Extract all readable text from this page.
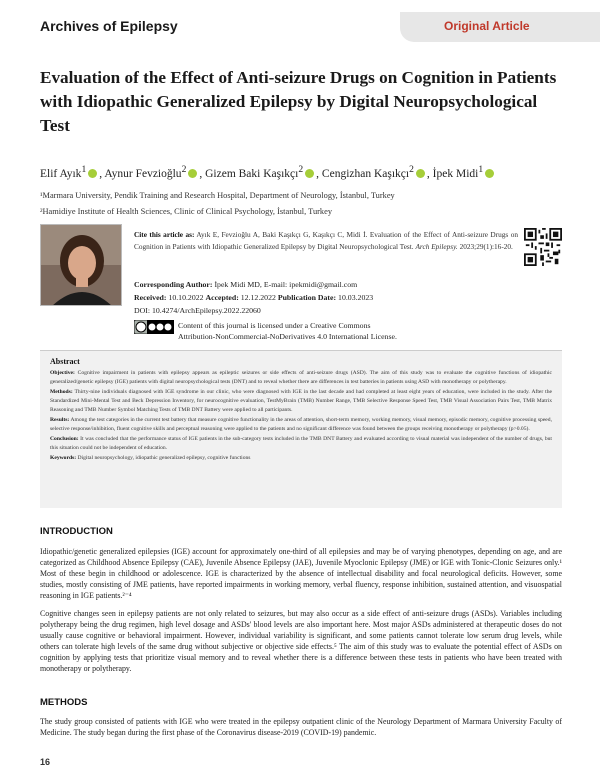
Archives of Epilepsy	Original Article
Evaluation of the Effect of Anti-seizure Drugs on Cognition in Patients with Idiopathic Generalized Epilepsy by Digital Neuropsychological Test
Elif Ayık$^1$ , Aynur Fevzioğlu$^2$ , Gizem Baki Kaşıkçı$^2$ , Cengizhan Kaşıkçı$^2$ , İpek Midi$^1$
¹Marmara University, Pendik Training and Research Hospital, Department of Neurology, İstanbul, Turkey
²Hamidiye Institute of Health Sciences, Clinic of Clinical Psychology, İstanbul, Turkey
Cite this article as: Ayık E, Fevzioğlu A, Baki Kaşıkçı G, Kaşıkçı C, Midi İ. Evaluation of the Effect of Anti-seizure Drugs on Cognition in Patients with Idiopathic Generalized Epilepsy by Digital Neuropsychological Test. Arch Epilepsy. 2023;29(1):16-20.
Corresponding Author: İpek Midi MD, E-mail: ipekmidi@gmail.com
Received: 10.10.2022 Accepted: 12.12.2022 Publication Date: 10.03.2023
DOI: 10.4274/ArchEpilepsy.2022.22060
Content of this journal is licensed under a Creative Commons
Attribution-NonCommercial-NoDerivatives 4.0 International License.
Abstract

Objective: Cognitive impairment in patients with epilepsy appears as epileptic seizures or side effects of anti-seizure drugs (ASD). The aim of this study was to evaluate the cognitive functions of idiopathic generalized/genetic epilepsy (IGE) patients with digital neuropsychological tests (DNT) and to reveal whether there are differences in test batteries in patients using ASD with monotherapy or polytherapy.

Methods: Thirty-nine individuals diagnosed with IGE syndrome in our clinic, who were diagnosed with IGE in the last decade and had completed at least eight years of education, were included in the study. After the Standardized Mini-Mental Test and Beck Depression Inventory, for neurocognitive evaluation, TestMyBrain (TMB) Number Range, TMB Selective Response Speed Test, TMB Visual Association Pairs Test, TMB Matrix Reasoning and TMB Number Symbol Matching Tests of TMB DNT Battery were applied to all participants.

Results: Among the test categories in the current test battery that measure cognitive functionality in the areas of attention, short-term memory, working memory, visual memory, episodic memory, cognitive processing speed, selective response/inhibition, fluent cognitive skills and perceptual reasoning were applied to the patients and no significant difference was found between the groups receiving monotherapy or polytherapy (p>0.05).

Conclusion: It was concluded that the performance status of IGE patients in the sub-category tests included in the TMB DNT Battery and evaluated according to visual material was independent of the number of drugs, but this situation could not be independent of education.

Keywords: Digital neuropsychology, idiopathic generalized epilepsy, cognitive functions

INTRODUCTION

Idiopathic/genetic generalized epilepsies (IGE) account for approximately one-third of all epilepsies and may be of varying phenotypes, depending on age, and are categorized as Childhood Absence Epilepsy (CAE), Juvenile Absence Epilepsy (JAE), Juvenile Myoclonic Epilepsy (JME) or IGE with Tonic-Clonic Seizures only.¹ Most of these begin in childhood or adolescence. IGE is characterized by the absence of intellectual disability and focal neurological deficits. However, some studies, mostly consisting of JME patients, have reported impairments in working memory, verbal fluency, response inhibition, sustained attention, and visuospatial reasoning in IGE patients.²⁻⁴

Cognitive changes seen in epilepsy patients are not only related to seizures, but may also occur as a side effect of anti-seizure drugs (ASDs). Variables including polytherapy being the drug regimen, high level dosage and ASDs' blood levels are also important here. Most major ASDs administered at therapeutic doses do not usually cause cognitive or behavioral impairment. However, individual variability is significant, and some patients cannot tolerate low serum drug levels, while others can tolerate high levels of the same drug without subjective or objective side effects.⁵ The aim of this study was to evaluate the potential effect of ASDs on cognition by applying tests that prioritize visual memory and to reveal whether there is a difference between these tests in patients who have been treated with monotherapy or polytherapy.

METHODS

The study group consisted of patients with IGE who were treated in the epilepsy outpatient clinic of the Neurology Department of Marmara University Faculty of Medicine. The study began during the first phase of the Coronavirus disease-2019 (COVID-19) pandemic.

16
